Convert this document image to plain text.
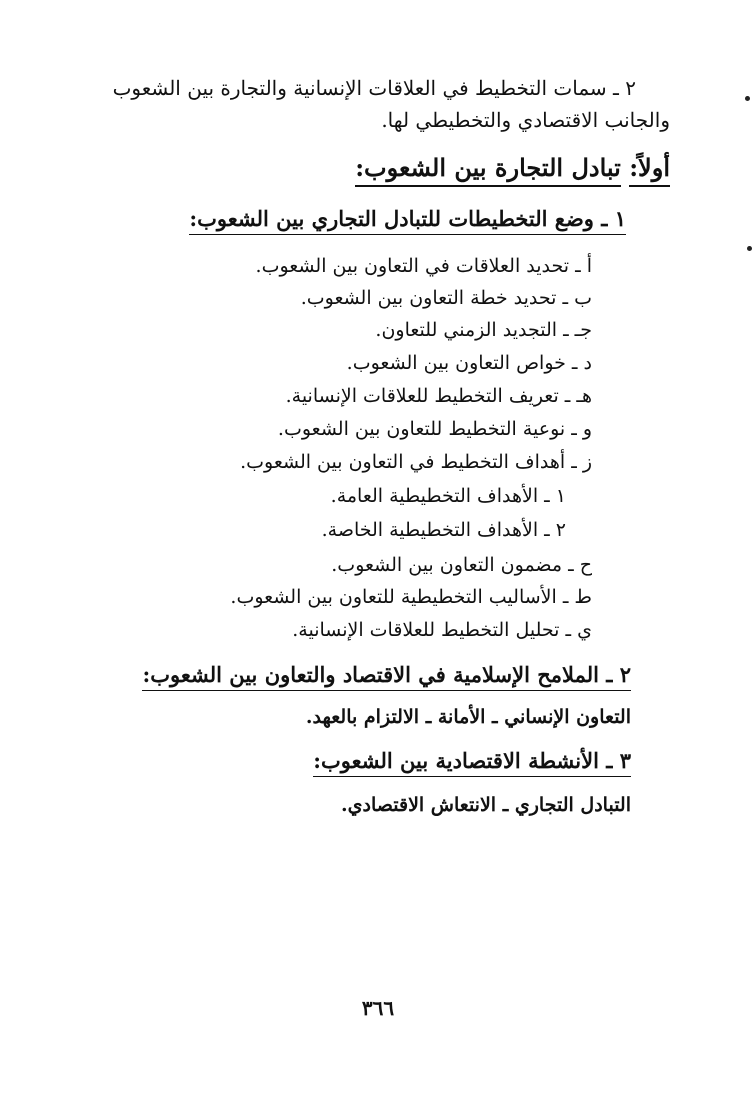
٢ ـ سمات التخطيط في العلاقات الإنسانية والتجارة بين الشعوب
والجانب الاقتصادي والتخطيطي لها.
أولاً: تبادل التجارة بين الشعوب:
١ ـ وضع التخطيطات للتبادل التجاري بين الشعوب:
أ ـ تحديد العلاقات في التعاون بين الشعوب.
ب ـ تحديد خطة التعاون بين الشعوب.
جـ ـ التجديد الزمني للتعاون.
د ـ خواص التعاون بين الشعوب.
هـ ـ تعريف التخطيط للعلاقات الإنسانية.
و ـ نوعية التخطيط للتعاون بين الشعوب.
ز ـ أهداف التخطيط في التعاون بين الشعوب.
١ ـ الأهداف التخطيطية العامة.
٢ ـ الأهداف التخطيطية الخاصة.
ح ـ مضمون التعاون بين الشعوب.
ط ـ الأساليب التخطيطية للتعاون بين الشعوب.
ي ـ تحليل التخطيط للعلاقات الإنسانية.
٢ ـ الملامح الإسلامية في الاقتصاد والتعاون بين الشعوب:
التعاون الإنساني ـ الأمانة ـ الالتزام بالعهد.
٣ ـ الأنشطة الاقتصادية بين الشعوب:
التبادل التجاري ـ الانتعاش الاقتصادي.
٣٦٦
